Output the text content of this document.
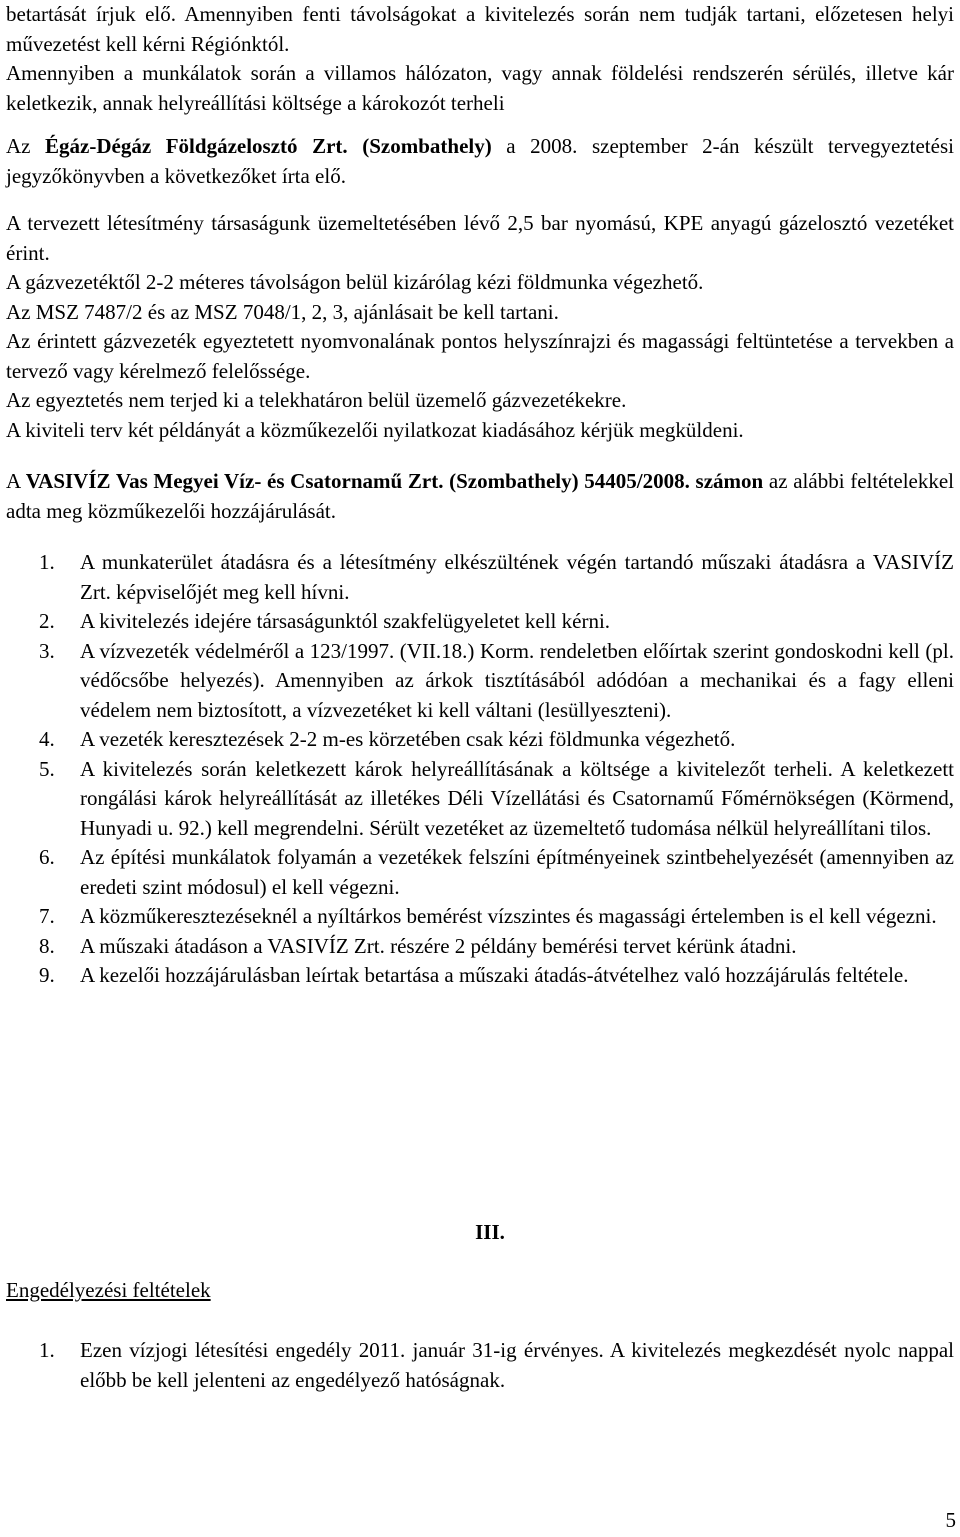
betartását írjuk elő. Amennyiben fenti távolságokat a kivitelezés során nem tudják tartani, előzetesen helyi művezetést kell kérni Régiónktól.

Amennyiben a munkálatok során a villamos hálózaton, vagy annak földelési rendszerén sérülés, illetve kár keletkezik, annak helyreállítási költsége a károkozót terheli

Az Égáz-Dégáz Földgázelosztó Zrt. (Szombathely) a 2008. szeptember 2-án készült tervegyeztetési jegyzőkönyvben a következőket írta elő.

A tervezett létesítmény társaságunk üzemeltetésében lévő 2,5 bar nyomású, KPE anyagú gázelosztó vezetéket érint.

A gázvezetéktől 2-2 méteres távolságon belül kizárólag kézi földmunka végezhető.

Az MSZ 7487/2 és az MSZ 7048/1, 2, 3, ajánlásait be kell tartani.

Az érintett gázvezeték egyeztetett nyomvonalának pontos helyszínrajzi és magassági feltüntetése a tervekben a tervező vagy kérelmező felelőssége.

Az egyeztetés nem terjed ki a telekhatáron belül üzemelő gázvezetékekre.

A kiviteli terv két példányát a közműkezelői nyilatkozat kiadásához kérjük megküldeni.

A VASIVÍZ Vas Megyei Víz- és Csatornamű Zrt. (Szombathely) 54405/2008. számon az alábbi feltételekkel adta meg közműkezelői hozzájárulását.

1. A munkaterület átadásra és a létesítmény elkészültének végén tartandó műszaki átadásra a VASIVÍZ Zrt. képviselőjét meg kell hívni.
2. A kivitelezés idejére társaságunktól szakfelügyeletet kell kérni.
3. A vízvezeték védelméről a 123/1997. (VII.18.) Korm. rendeletben előírtak szerint gondoskodni kell (pl. védőcsőbe helyezés). Amennyiben az árkok tisztításából adódóan a mechanikai és a fagy elleni védelem nem biztosított, a vízvezetéket ki kell váltani (lesüllyeszteni).
4. A vezeték keresztezések 2-2 m-es körzetében csak kézi földmunka végezhető.
5. A kivitelezés során keletkezett károk helyreállításának a költsége a kivitelezőt terheli. A keletkezett rongálási károk helyreállítását az illetékes Déli Vízellátási és Csatornamű Főmérnökségen (Körmend, Hunyadi u. 92.) kell megrendelni. Sérült vezetéket az üzemeltető tudomása nélkül helyreállítani tilos.
6. Az építési munkálatok folyamán a vezetékek felszíni építményeinek szintbehelyezését (amennyiben az eredeti szint módosul) el kell végezni.
7. A közműkeresztezéseknél a nyíltárkos bemérést vízszintes és magassági értelemben is el kell végezni.
8. A műszaki átadáson a VASIVÍZ Zrt. részére 2 példány bemérési tervet kérünk átadni.
9. A kezelői hozzájárulásban leírtak betartása a műszaki átadás-átvételhez való hozzájárulás feltétele.
III.
Engedélyezési feltételek
1. Ezen vízjogi létesítési engedély 2011. január 31-ig érvényes. A kivitelezés megkezdését nyolc nappal előbb be kell jelenteni az engedélyező hatóságnak.
5
